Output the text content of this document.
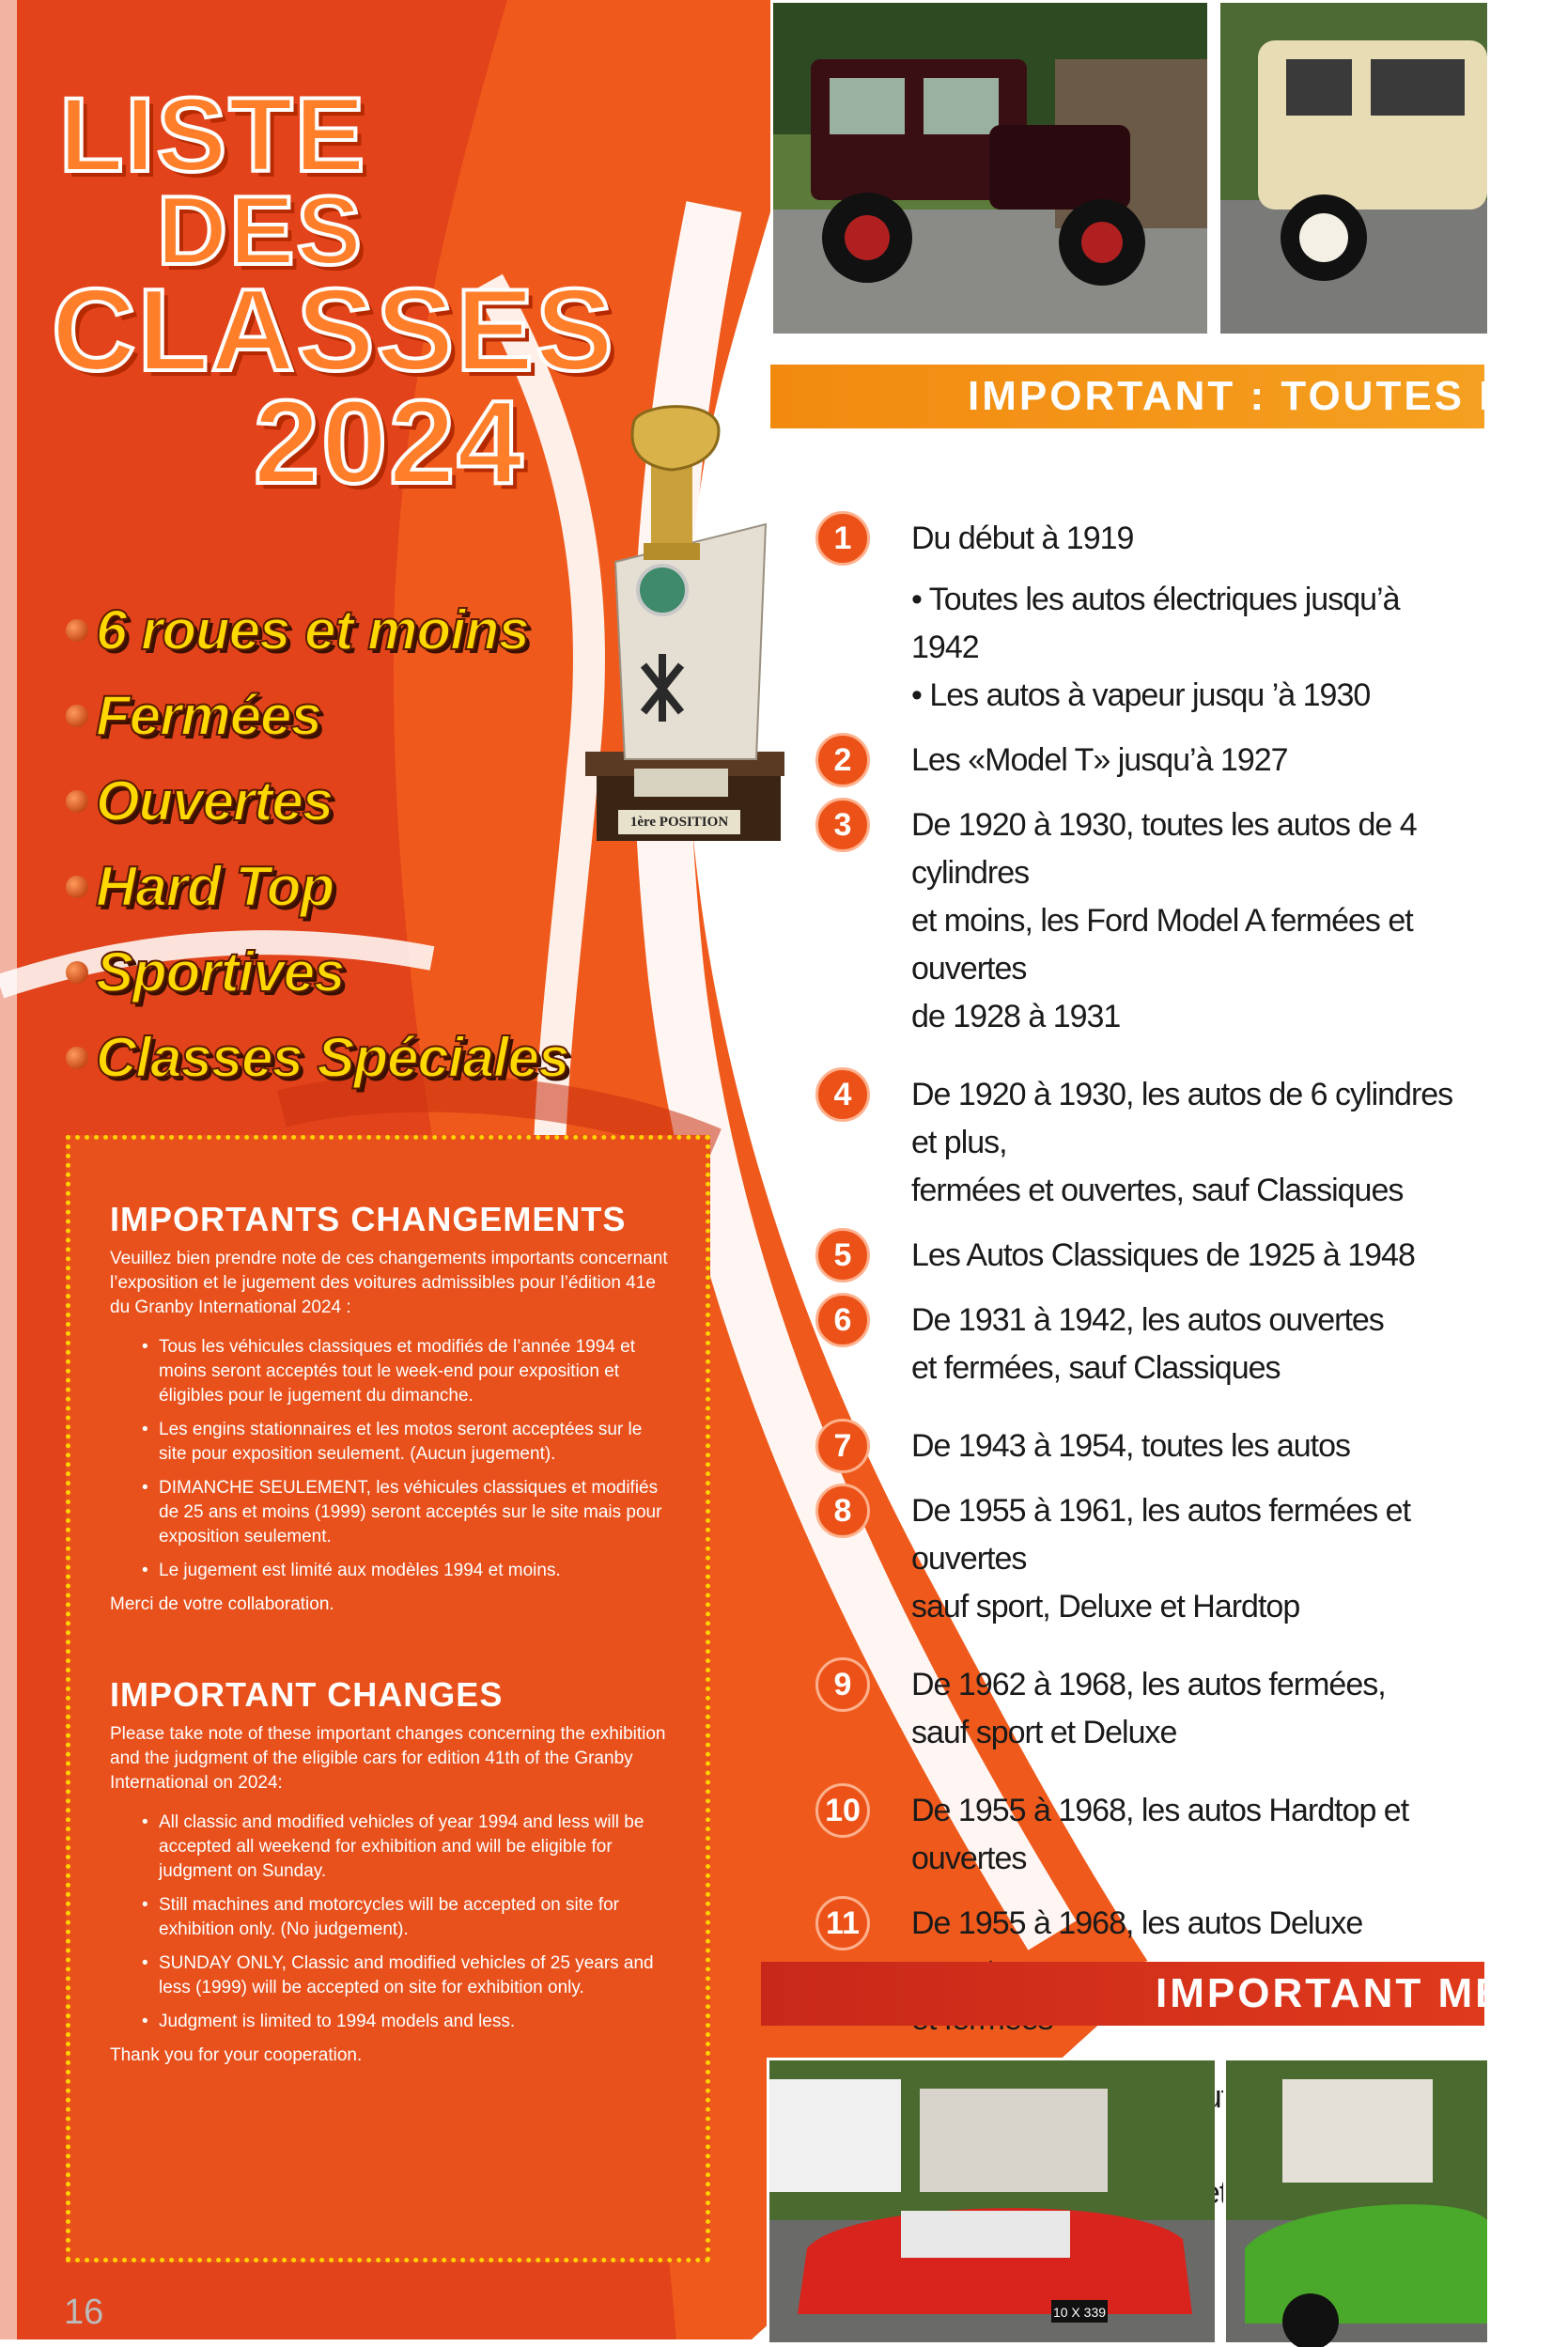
IMPORTANT : TOUTES LES
LISTE
DES
CLASSES
2024
1ère POSITION
6 roues et moins
Fermées
Ouvertes
Hard Top
Sportives
Classes Spéciales
IMPORTANTS CHANGEMENTS

Veuillez bien prendre note de ces changements importants concernant l’exposition et le jugement des voitures admissibles pour l’édition 41e du Granby International 2024 :

• Tous les véhicules classiques et modifiés de l’année 1994 et moins seront acceptés tout le week-end pour exposition et éligibles pour le jugement du dimanche.
• Les engins stationnaires et les motos seront acceptées sur le site pour exposition seulement. (Aucun jugement).
• DIMANCHE SEULEMENT, les véhicules classiques et modifiés de 25 ans et moins (1999) seront acceptés sur le site mais pour exposition seulement.
• Le jugement est limité aux modèles 1994 et moins.

Merci de votre collaboration.

IMPORTANT CHANGES

Please take note of these important changes concerning the exhibition and the judgment of the eligible cars for edition 41th of the Granby International on 2024:

• All classic and modified vehicles of year 1994 and less will be accepted all weekend for exhibition and will be eligible for judgment on Sunday.
• Still machines and motorcycles will be accepted on site for exhibition only. (No judgement).
• SUNDAY ONLY, Classic and modified vehicles of 25 years and less (1999) will be accepted on site for exhibition only.
• Judgment is limited to 1994 models and less.

Thank you for your cooperation.

1	Du début à 1919
• Toutes les autos électriques jusqu’à 1942
• Les autos à vapeur jusqu ’à 1930
2	Les «Model T» jusqu’à 1927
3	De 1920 à 1930, toutes les autos de 4 cylindres
et moins, les Ford Model A fermées et ouvertes
de 1928 à 1931
4	De 1920 à 1930, les autos de 6 cylindres et plus,
fermées et ouvertes, sauf Classiques
5	Les Autos Classiques de 1925 à 1948
6	De 1931 à 1942, les autos ouvertes
et fermées, sauf Classiques
7	De 1943 à 1954, toutes les autos
8	De 1955 à 1961, les autos fermées et ouvertes
sauf sport, Deluxe et Hardtop
9	De 1962 à 1968, les autos fermées,
sauf sport et Deluxe
10 De 1955 à 1968, les autos Hardtop et ouvertes
11	De 1955 à 1968, les autos Deluxe
IMPORTANT MES
10 X 339
16
